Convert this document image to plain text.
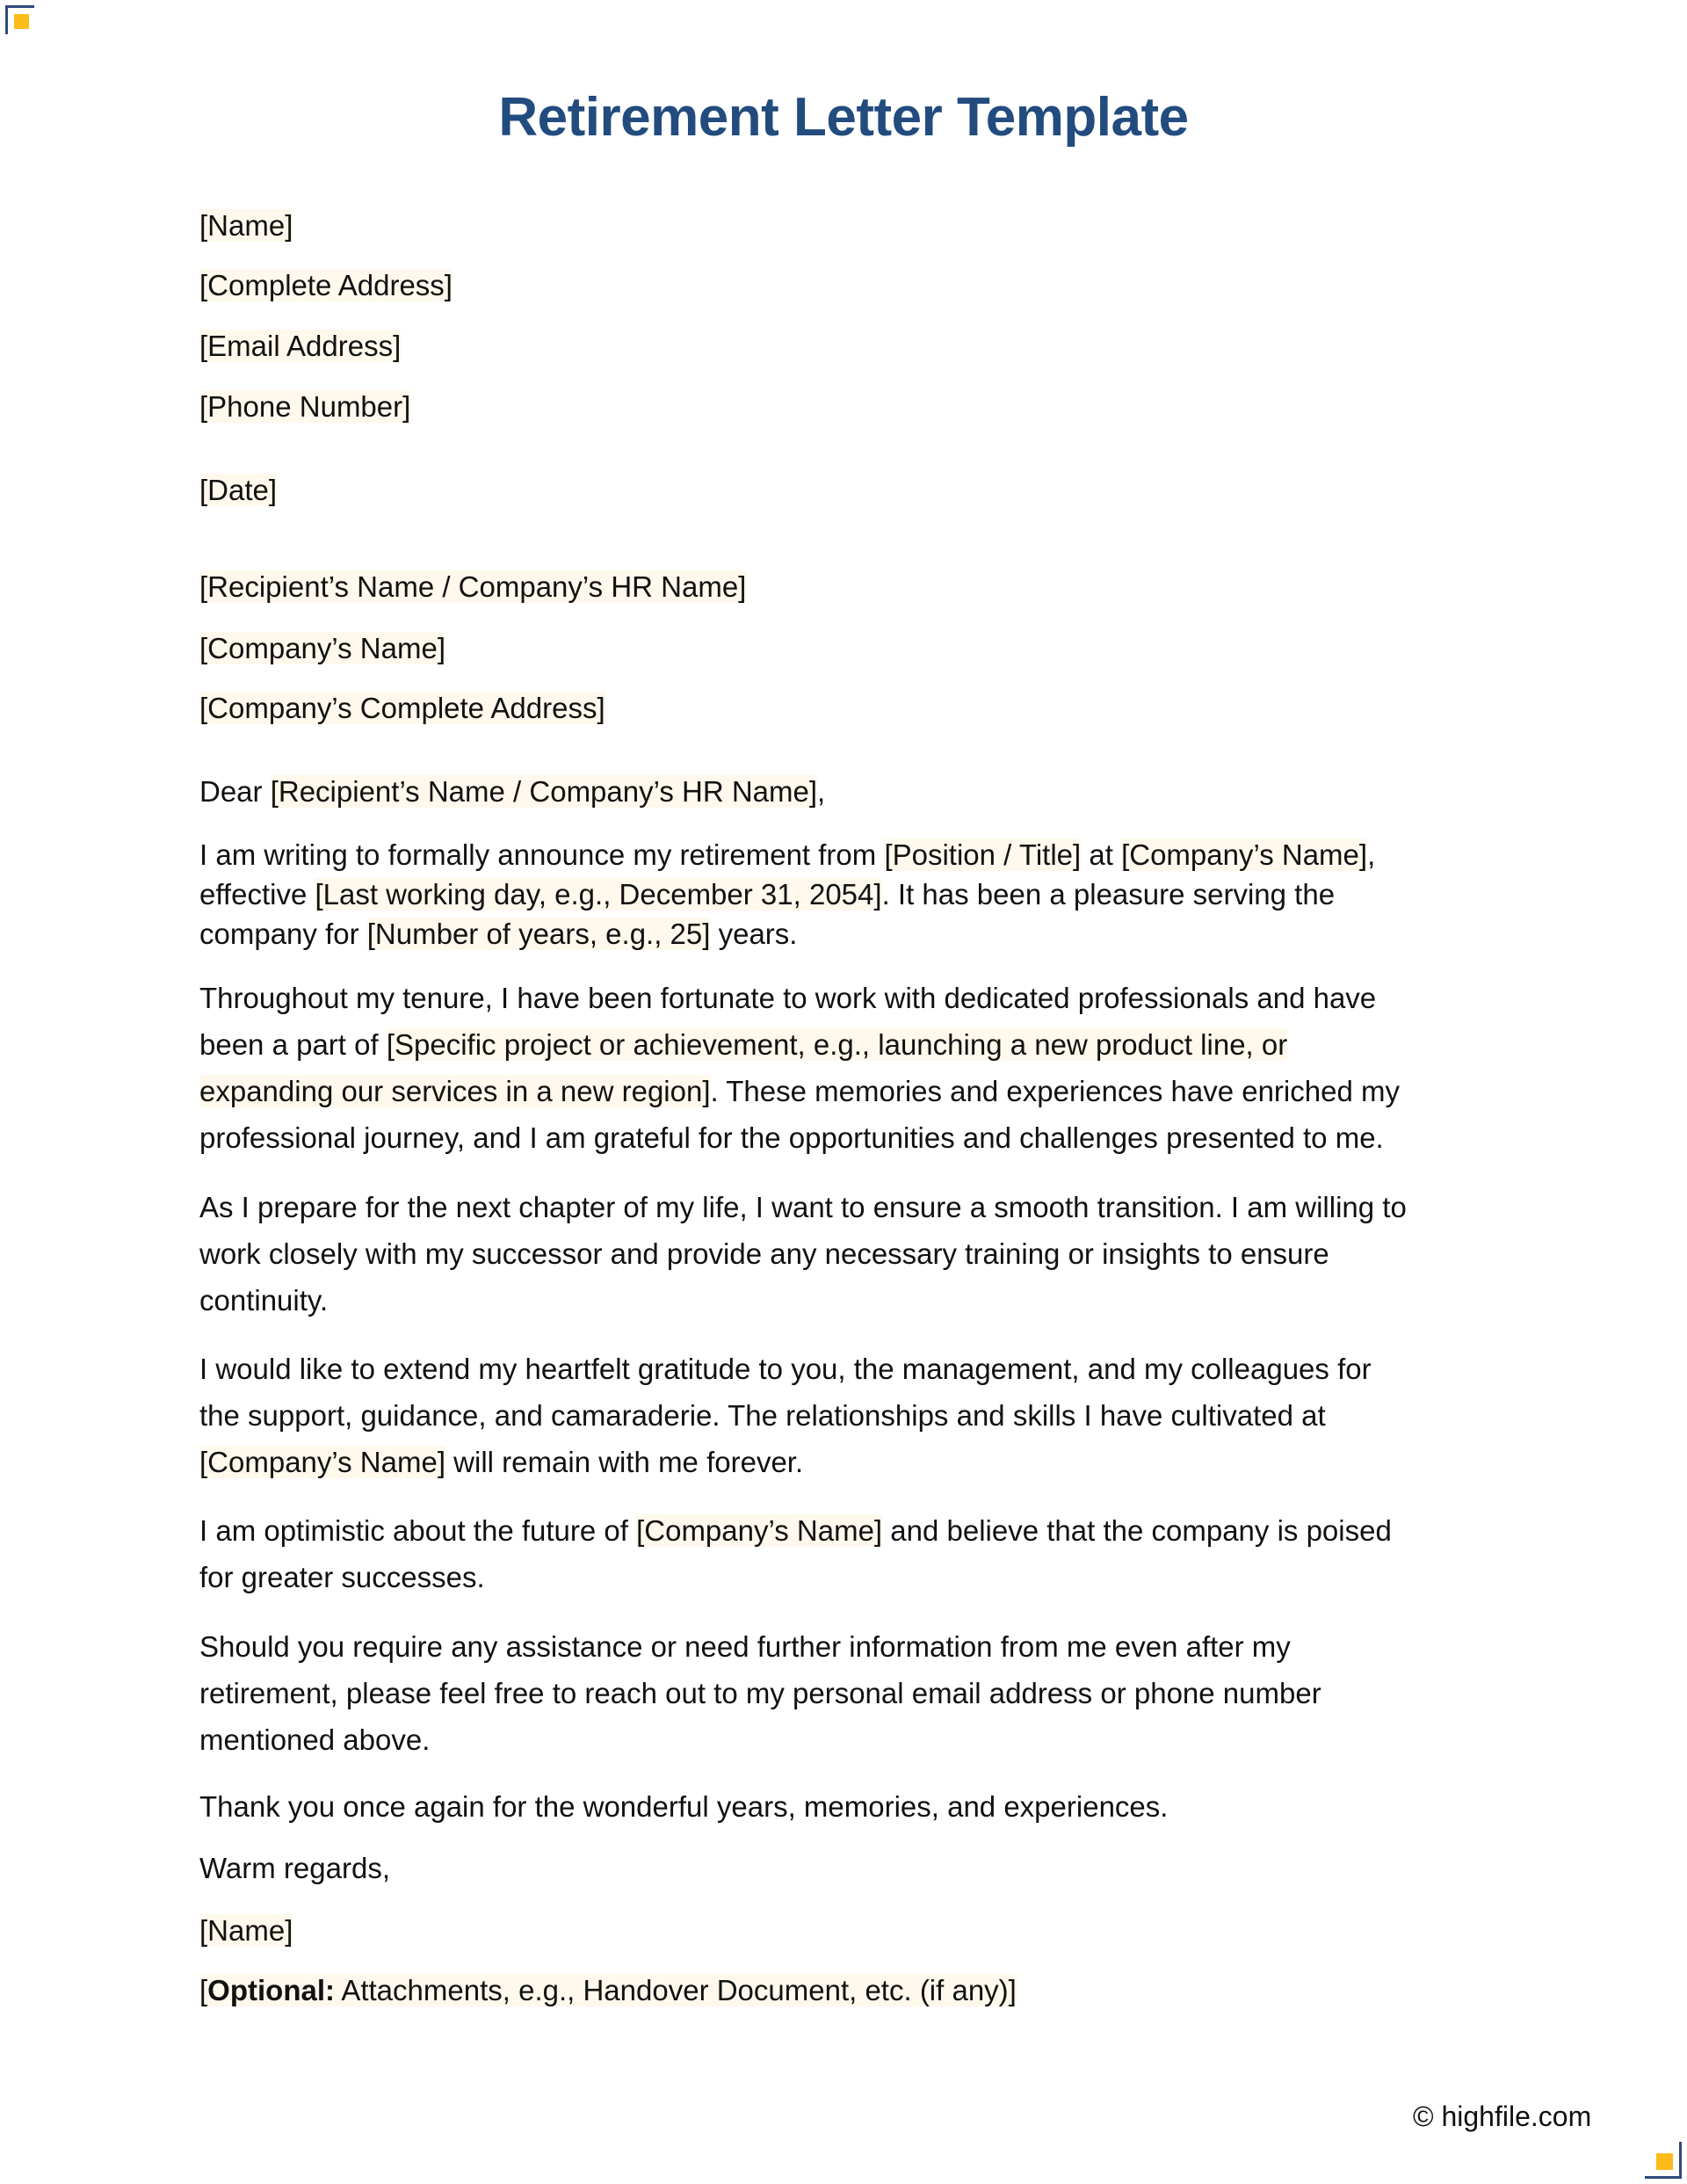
Retirement Letter Template
[Name]
[Complete Address]
[Email Address]
[Phone Number]
[Date]
[Recipient’s Name / Company’s HR Name]
[Company’s Name]
[Company’s Complete Address]
Dear [Recipient’s Name / Company’s HR Name],
I am writing to formally announce my retirement from [Position / Title] at [Company’s Name],
effective [Last working day, e.g., December 31, 2054]. It has been a pleasure serving the
company for [Number of years, e.g., 25] years.
Throughout my tenure, I have been fortunate to work with dedicated professionals and have
been a part of [Specific project or achievement, e.g., launching a new product line, or
expanding our services in a new region]. These memories and experiences have enriched my
professional journey, and I am grateful for the opportunities and challenges presented to me.
As I prepare for the next chapter of my life, I want to ensure a smooth transition. I am willing to
work closely with my successor and provide any necessary training or insights to ensure
continuity.
I would like to extend my heartfelt gratitude to you, the management, and my colleagues for
the support, guidance, and camaraderie. The relationships and skills I have cultivated at
[Company’s Name] will remain with me forever.
I am optimistic about the future of [Company’s Name] and believe that the company is poised
for greater successes.
Should you require any assistance or need further information from me even after my
retirement, please feel free to reach out to my personal email address or phone number
mentioned above.
Thank you once again for the wonderful years, memories, and experiences.
Warm regards,
[Name]
[Optional: Attachments, e.g., Handover Document, etc. (if any)]
© highfile.com
